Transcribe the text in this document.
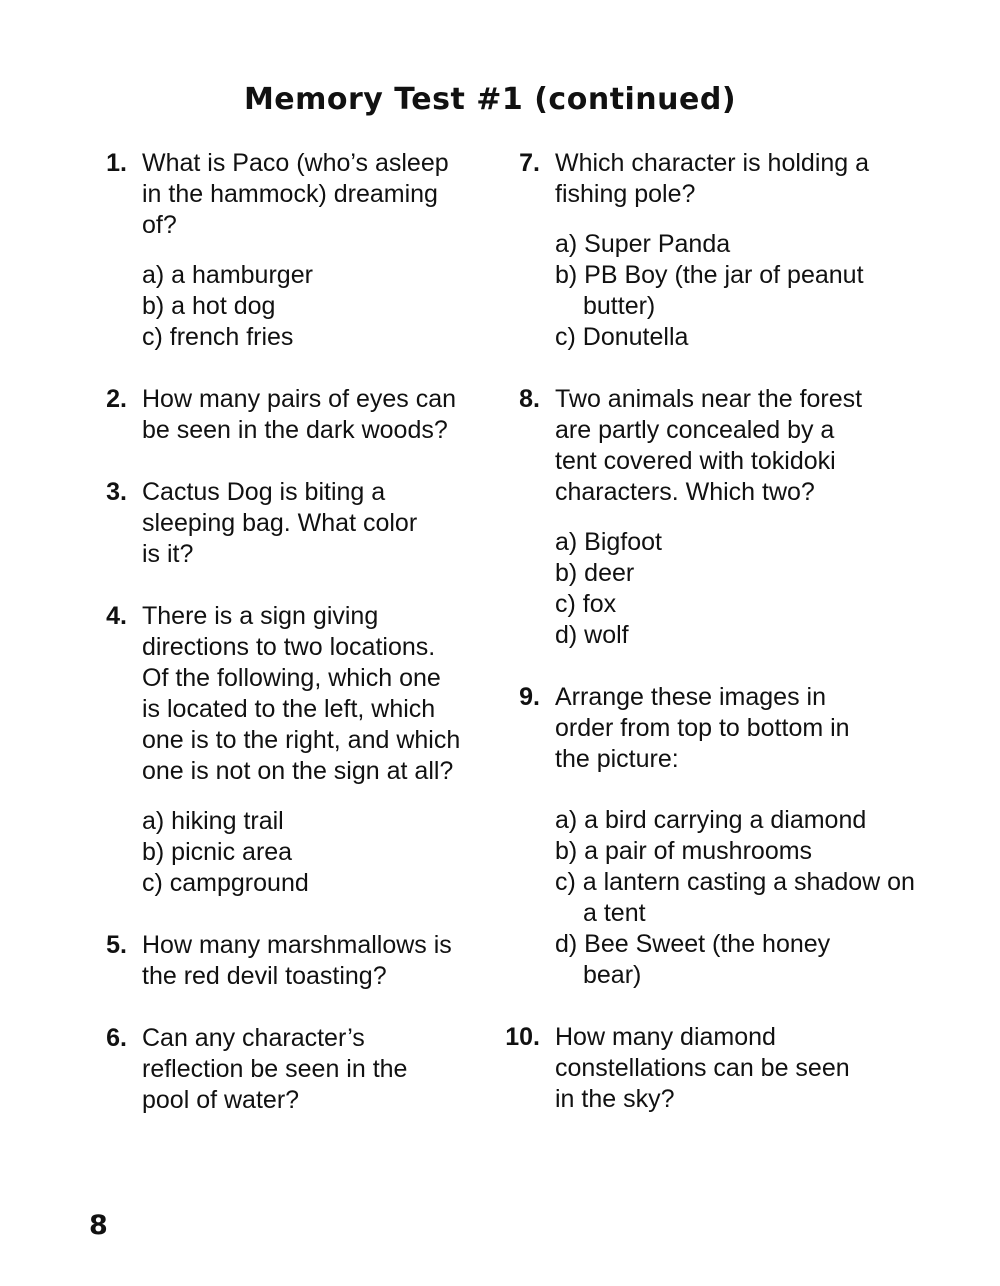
Memory Test #1 (continued)
1. What is Paco (who’s asleep

in the hammock) dreaming

of?

a) a hamburger
b) a hot dog
c) french fries
2. How many pairs of eyes can

be seen in the dark woods?

3. Cactus Dog is biting a

sleeping bag. What color

is it?

4. There is a sign giving

directions to two locations.

Of the following, which one

is located to the left, which

one is to the right, and which

one is not on the sign at all?

a) hiking trail
b) picnic area
c) campground
5. How many marshmallows is

the red devil toasting?

6. Can any character’s

reflection be seen in the

pool of water?

7. Which character is holding a

fishing pole?

a) Super Panda
b) PB Boy (the jar of peanut butter)
c) Donutella
8. Two animals near the forest

are partly concealed by a

tent covered with tokidoki

characters. Which two?

a) Bigfoot
b) deer
c) fox
d) wolf
9. Arrange these images in

order from top to bottom in

the picture:

a) a bird carrying a diamond
b) a pair of mushrooms
c) a lantern casting a shadow on a tent
d) Bee Sweet (the honey bear)
10. How many diamond

constellations can be seen

in the sky?

8
